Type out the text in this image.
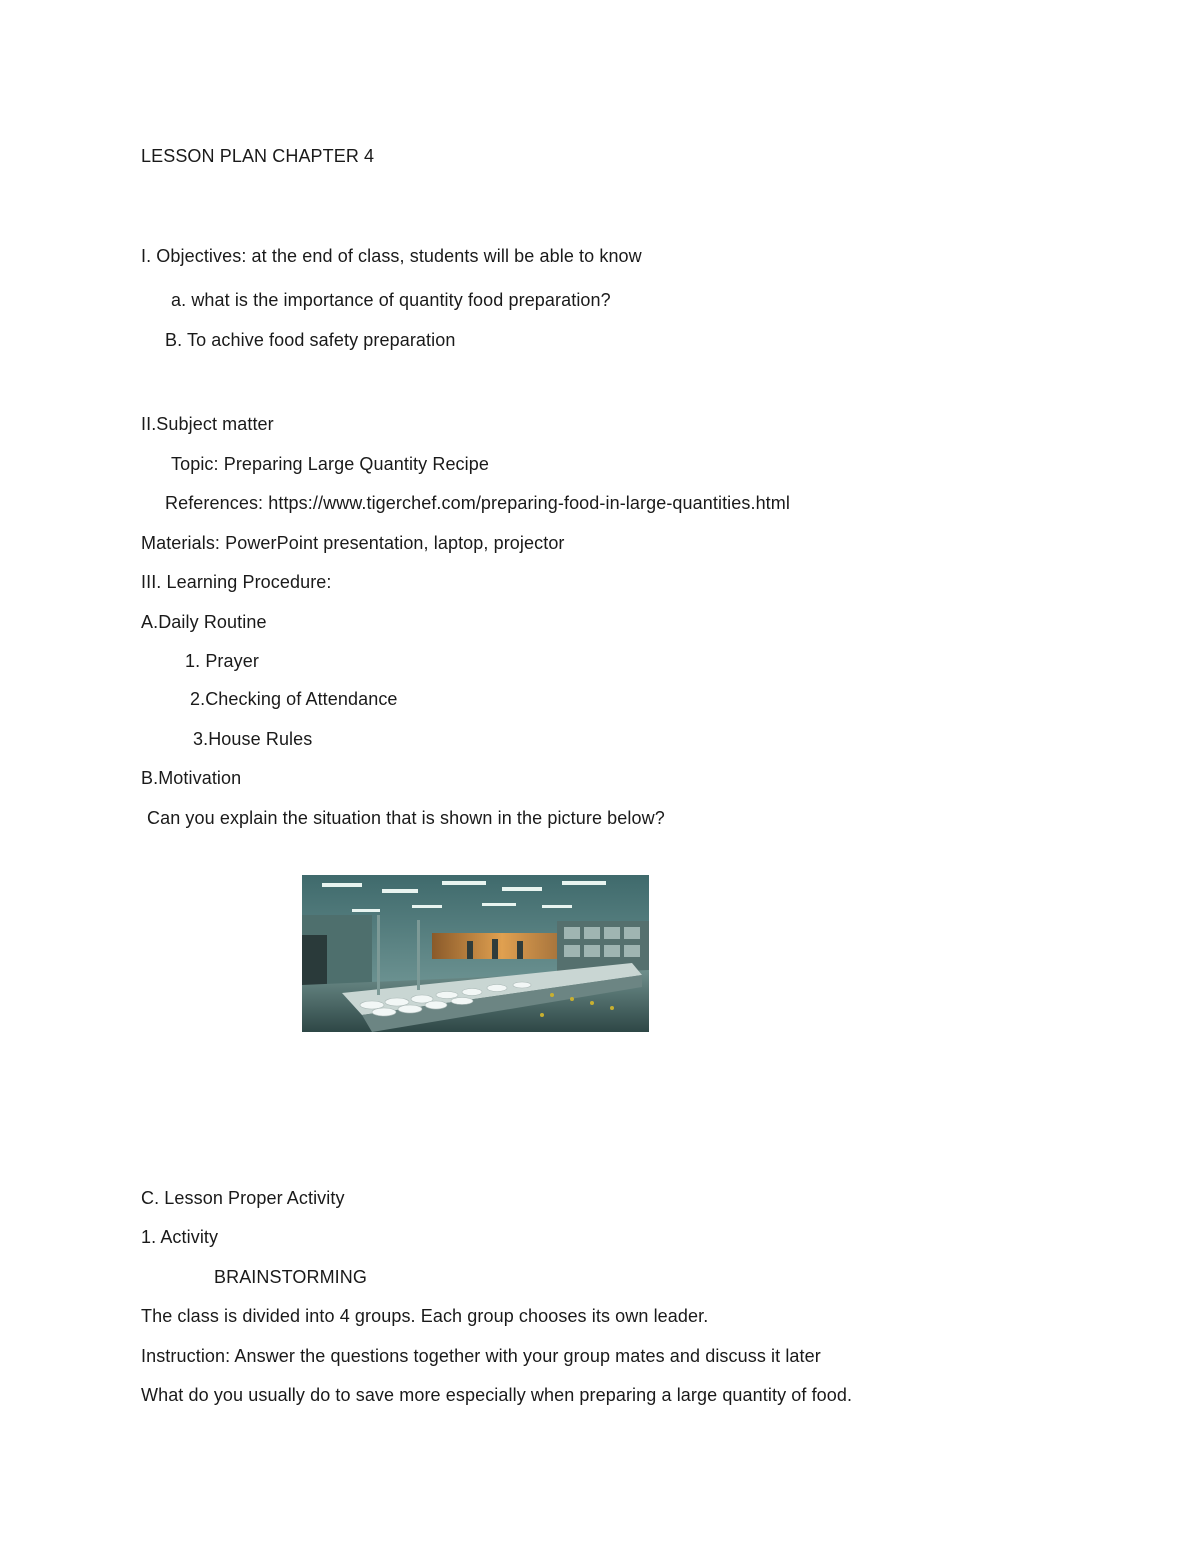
LESSON PLAN CHAPTER 4
I. Objectives: at the end of class, students will be able to know
a. what is the importance of quantity food preparation?
B. To achive food safety preparation
II.Subject matter
Topic: Preparing Large Quantity Recipe
References: https://www.tigerchef.com/preparing-food-in-large-quantities.html
Materials: PowerPoint presentation, laptop, projector
III. Learning Procedure:
A.Daily Routine
1. Prayer
2.Checking of Attendance
3.House Rules
B.Motivation
Can you explain the situation that is shown in the picture below?
C. Lesson Proper Activity
1. Activity
BRAINSTORMING
The class is divided into 4 groups. Each group chooses its own leader.
Instruction: Answer the questions together with your group mates and discuss it later
What do you usually do to save more especially when preparing a large quantity of food.
